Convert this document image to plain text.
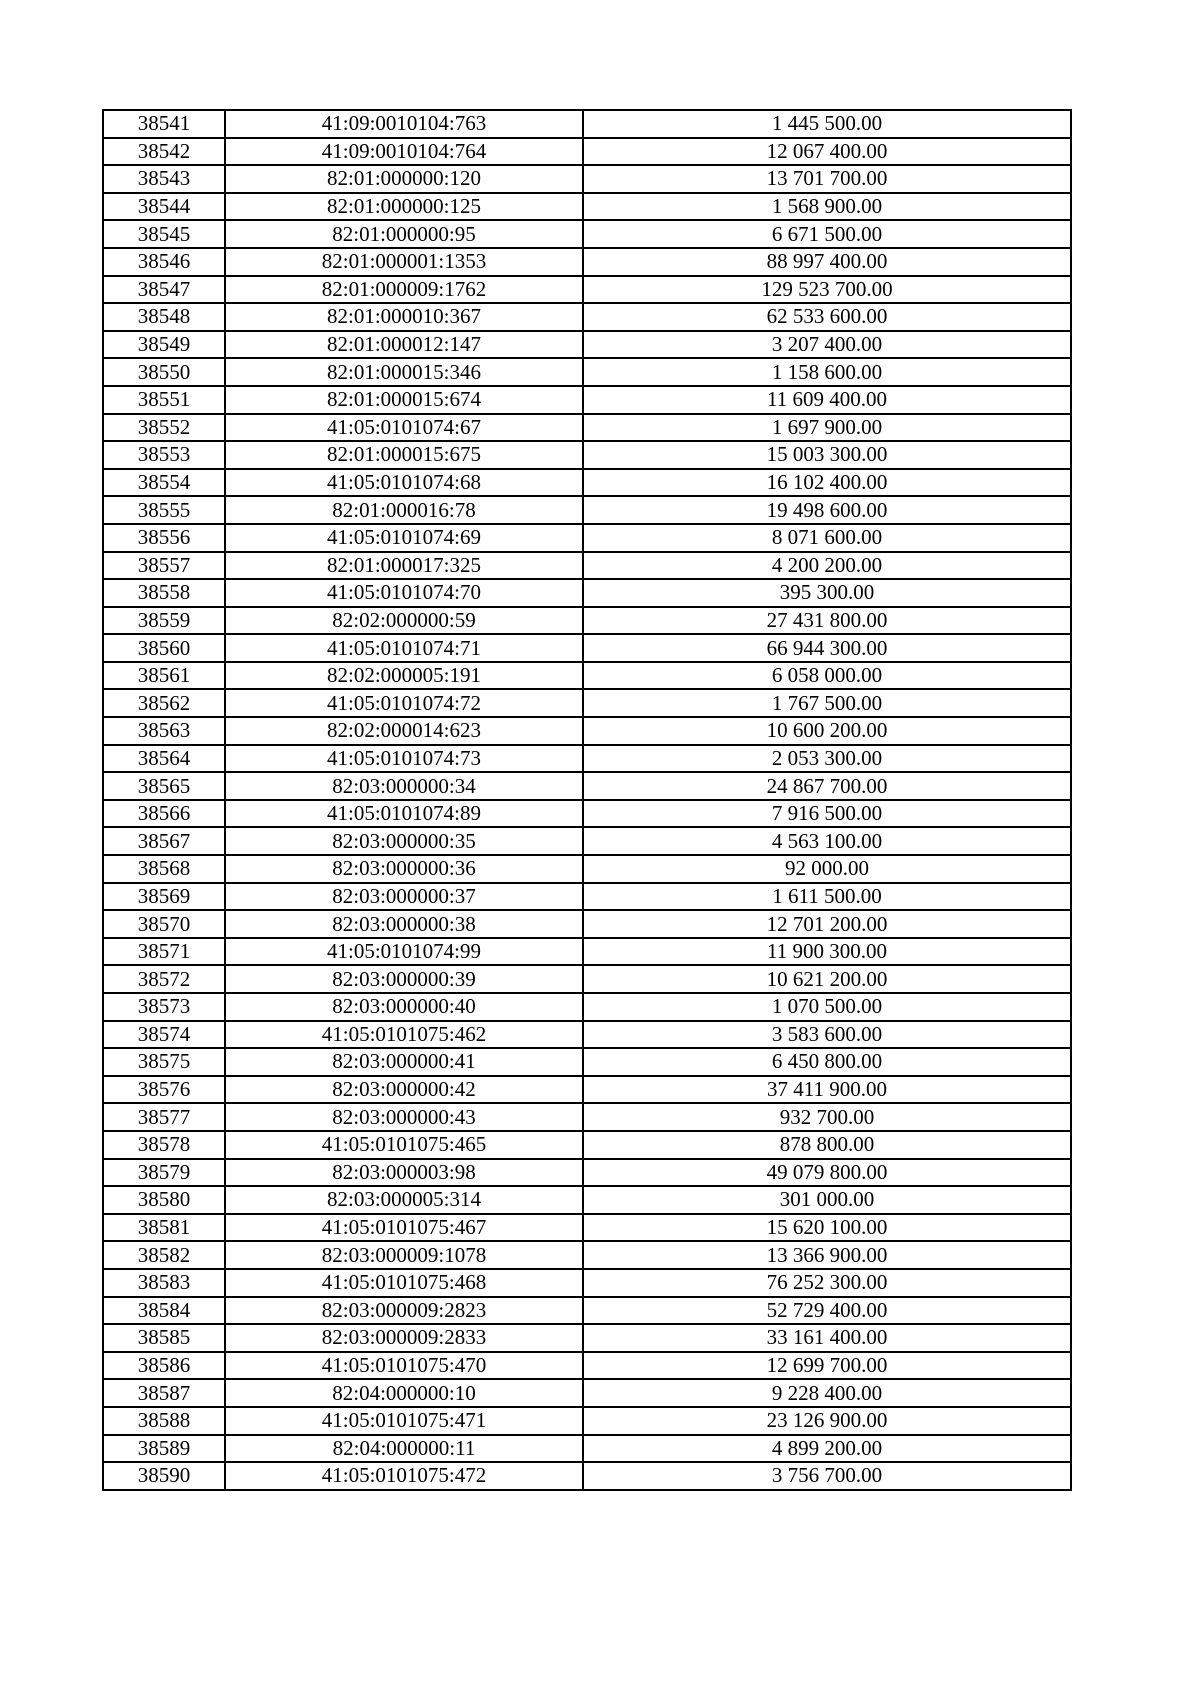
38541	41:09:0010104:763	1 445 500.00
38542	41:09:0010104:764	12 067 400.00
38543	82:01:000000:120	13 701 700.00
38544	82:01:000000:125	1 568 900.00
38545	82:01:000000:95	6 671 500.00
38546	82:01:000001:1353	88 997 400.00
38547	82:01:000009:1762	129 523 700.00
38548	82:01:000010:367	62 533 600.00
38549	82:01:000012:147	3 207 400.00
38550	82:01:000015:346	1 158 600.00
38551	82:01:000015:674	11 609 400.00
38552	41:05:0101074:67	1 697 900.00
38553	82:01:000015:675	15 003 300.00
38554	41:05:0101074:68	16 102 400.00
38555	82:01:000016:78	19 498 600.00
38556	41:05:0101074:69	8 071 600.00
38557	82:01:000017:325	4 200 200.00
38558	41:05:0101074:70	395 300.00
38559	82:02:000000:59	27 431 800.00
38560	41:05:0101074:71	66 944 300.00
38561	82:02:000005:191	6 058 000.00
38562	41:05:0101074:72	1 767 500.00
38563	82:02:000014:623	10 600 200.00
38564	41:05:0101074:73	2 053 300.00
38565	82:03:000000:34	24 867 700.00
38566	41:05:0101074:89	7 916 500.00
38567	82:03:000000:35	4 563 100.00
38568	82:03:000000:36	92 000.00
38569	82:03:000000:37	1 611 500.00
38570	82:03:000000:38	12 701 200.00
38571	41:05:0101074:99	11 900 300.00
38572	82:03:000000:39	10 621 200.00
38573	82:03:000000:40	1 070 500.00
38574	41:05:0101075:462	3 583 600.00
38575	82:03:000000:41	6 450 800.00
38576	82:03:000000:42	37 411 900.00
38577	82:03:000000:43	932 700.00
38578	41:05:0101075:465	878 800.00
38579	82:03:000003:98	49 079 800.00
38580	82:03:000005:314	301 000.00
38581	41:05:0101075:467	15 620 100.00
38582	82:03:000009:1078	13 366 900.00
38583	41:05:0101075:468	76 252 300.00
38584	82:03:000009:2823	52 729 400.00
38585	82:03:000009:2833	33 161 400.00
38586	41:05:0101075:470	12 699 700.00
38587	82:04:000000:10	9 228 400.00
38588	41:05:0101075:471	23 126 900.00
38589	82:04:000000:11	4 899 200.00
38590	41:05:0101075:472	3 756 700.00
